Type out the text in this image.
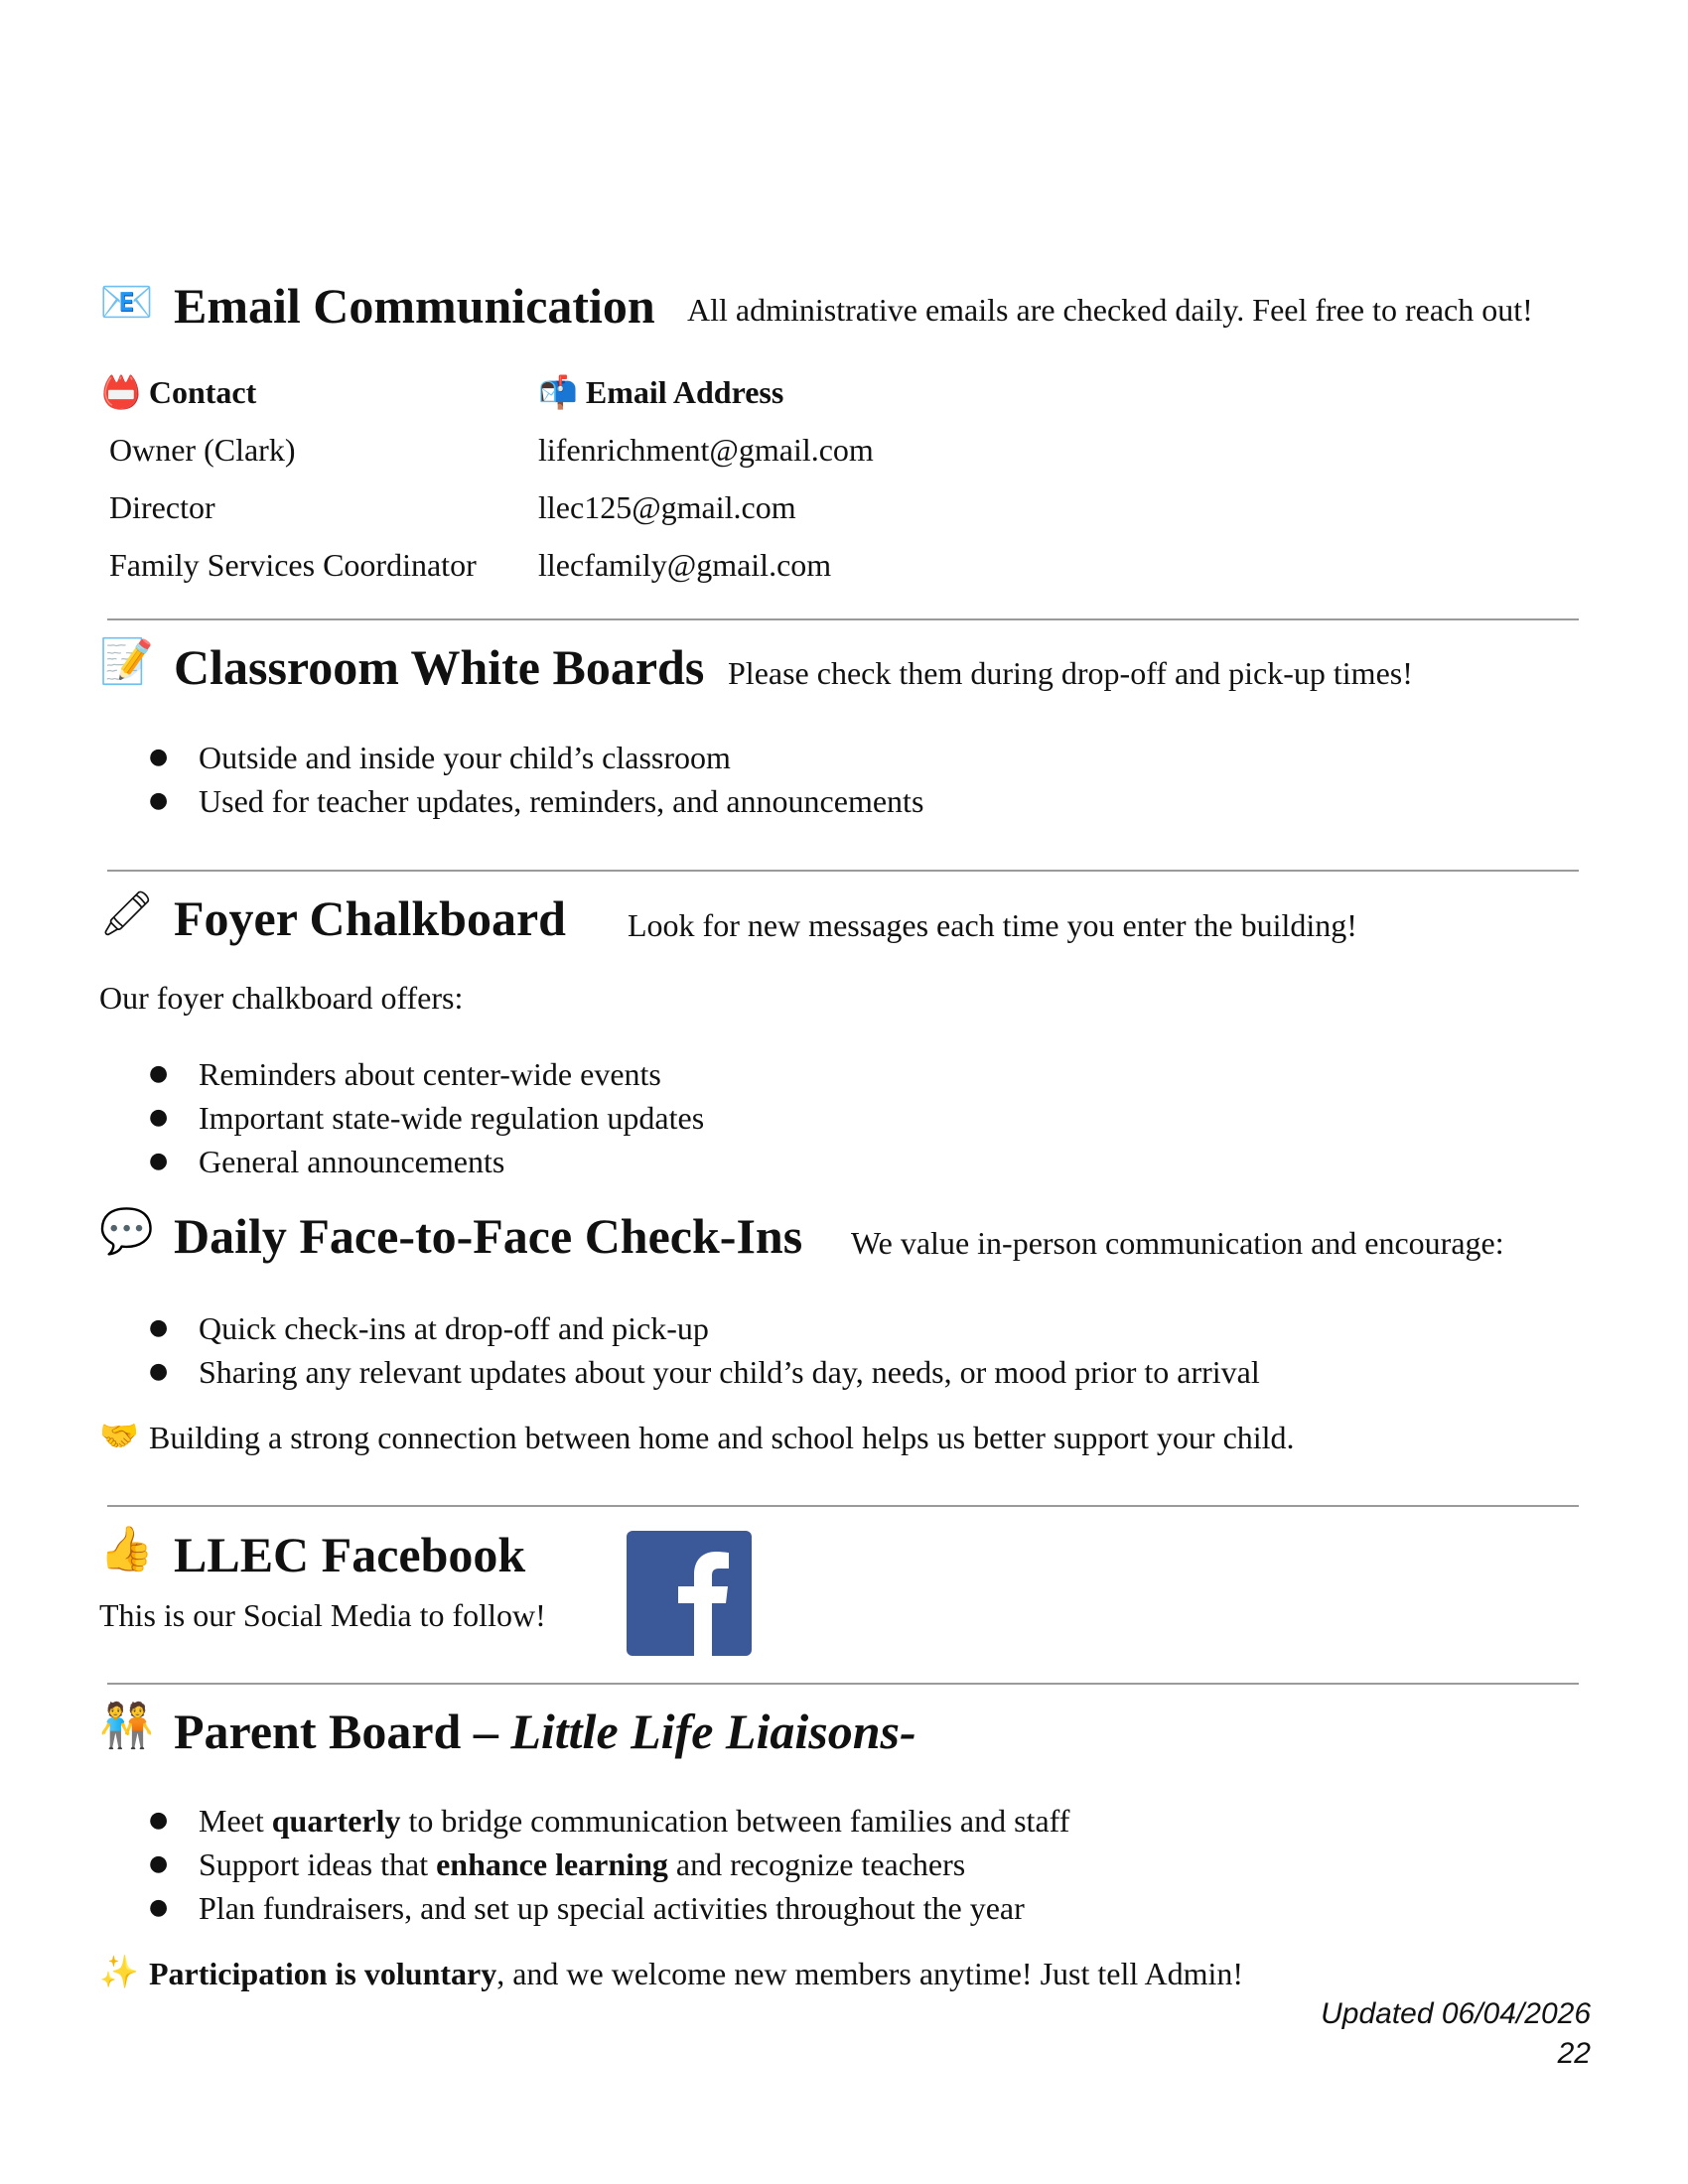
📧 Email Communication All administrative emails are checked daily. Feel free to reach out!
📛 Contact	📬 Email Address
Owner (Clark)	lifenrichment@gmail.com
Director	llec125@gmail.com
Family Services Coordinator	llecfamily@gmail.com
📝 Classroom White Boards Please check them during drop-off and pick-up times!
● Outside and inside your child’s classroom
● Used for teacher updates, reminders, and announcements
🖍 Foyer Chalkboard Look for new messages each time you enter the building!
Our foyer chalkboard offers:
● Reminders about center-wide events
● Important state-wide regulation updates
● General announcements
💬 Daily Face-to-Face Check-Ins We value in-person communication and encourage:
● Quick check-ins at drop-off and pick-up
● Sharing any relevant updates about your child’s day, needs, or mood prior to arrival
🤝 Building a strong connection between home and school helps us better support your child.
👍 LLEC Facebook
This is our Social Media to follow!
🧑‍🤝‍🧑 Parent Board – Little Life Liaisons-
● Meet quarterly to bridge communication between families and staff
● Support ideas that enhance learning and recognize teachers
● Plan fundraisers, and set up special activities throughout the year
✨ Participation is voluntary, and we welcome new members anytime! Just tell Admin!
Updated 06/04/2026
22
